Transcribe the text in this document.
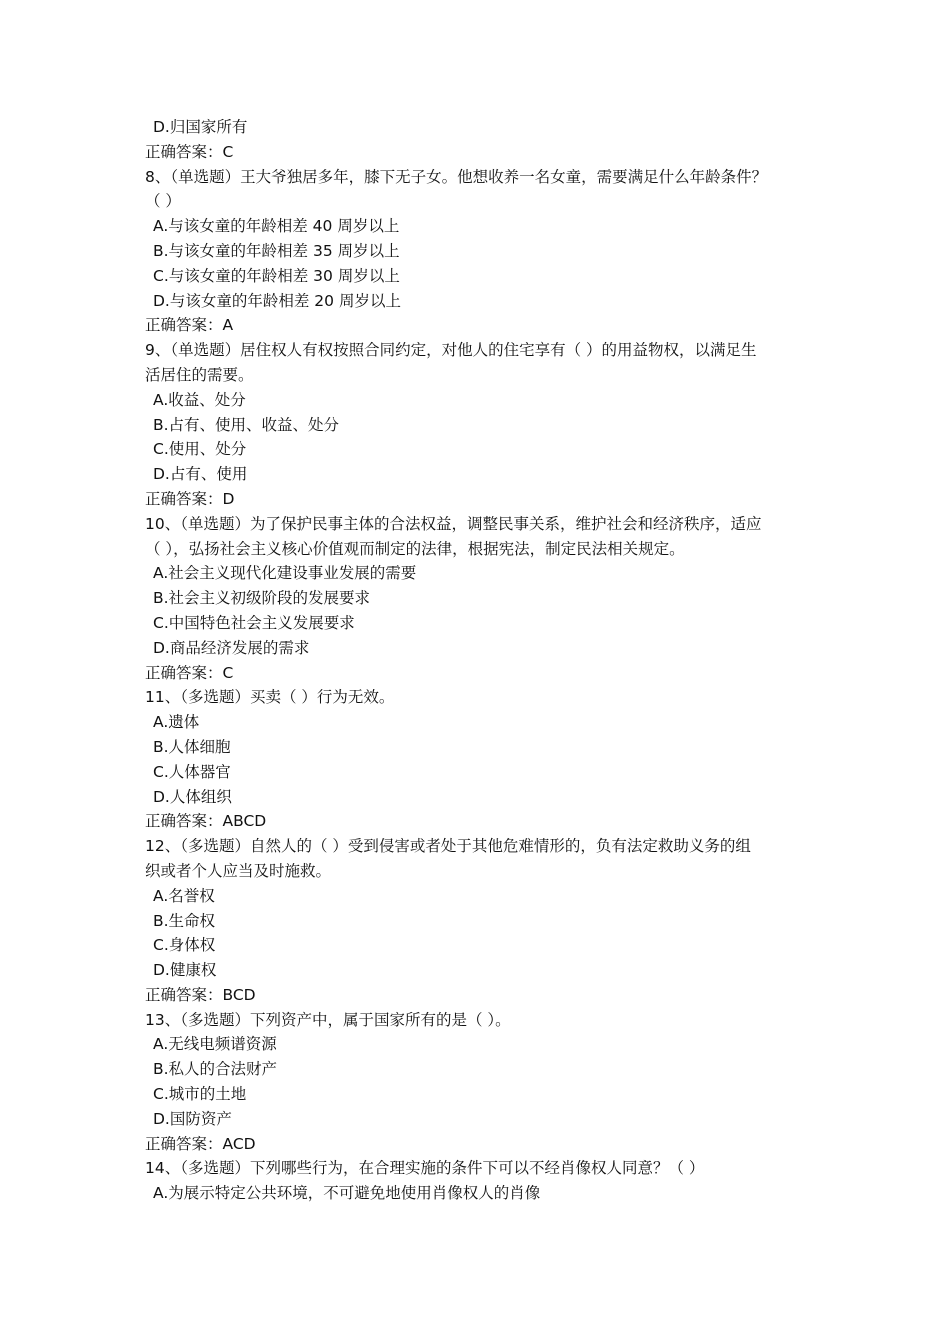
D.归国家所有
正确答案：C
8、（单选题）王大爷独居多年，膝下无子女。他想收养一名女童，需要满足什么年龄条件？
（ ）
A.与该女童的年龄相差 40 周岁以上
B.与该女童的年龄相差 35 周岁以上
C.与该女童的年龄相差 30 周岁以上
D.与该女童的年龄相差 20 周岁以上
正确答案：A
9、（单选题）居住权人有权按照合同约定，对他人的住宅享有（ ）的用益物权，以满足生
活居住的需要。
A.收益、处分
B.占有、使用、收益、处分
C.使用、处分
D.占有、使用
正确答案：D
10、（单选题）为了保护民事主体的合法权益，调整民事关系，维护社会和经济秩序，适应
（ ），弘扬社会主义核心价值观而制定的法律，根据宪法，制定民法相关规定。
A.社会主义现代化建设事业发展的需要
B.社会主义初级阶段的发展要求
C.中国特色社会主义发展要求
D.商品经济发展的需求
正确答案：C
11、（多选题）买卖（ ）行为无效。
A.遗体
B.人体细胞
C.人体器官
D.人体组织
正确答案：ABCD
12、（多选题）自然人的（ ）受到侵害或者处于其他危难情形的，负有法定救助义务的组
织或者个人应当及时施救。
A.名誉权
B.生命权
C.身体权
D.健康权
正确答案：BCD
13、（多选题）下列资产中，属于国家所有的是（ ）。
A.无线电频谱资源
B.私人的合法财产
C.城市的土地
D.国防资产
正确答案：ACD
14、（多选题）下列哪些行为，在合理实施的条件下可以不经肖像权人同意？（ ）
A.为展示特定公共环境，不可避免地使用肖像权人的肖像
